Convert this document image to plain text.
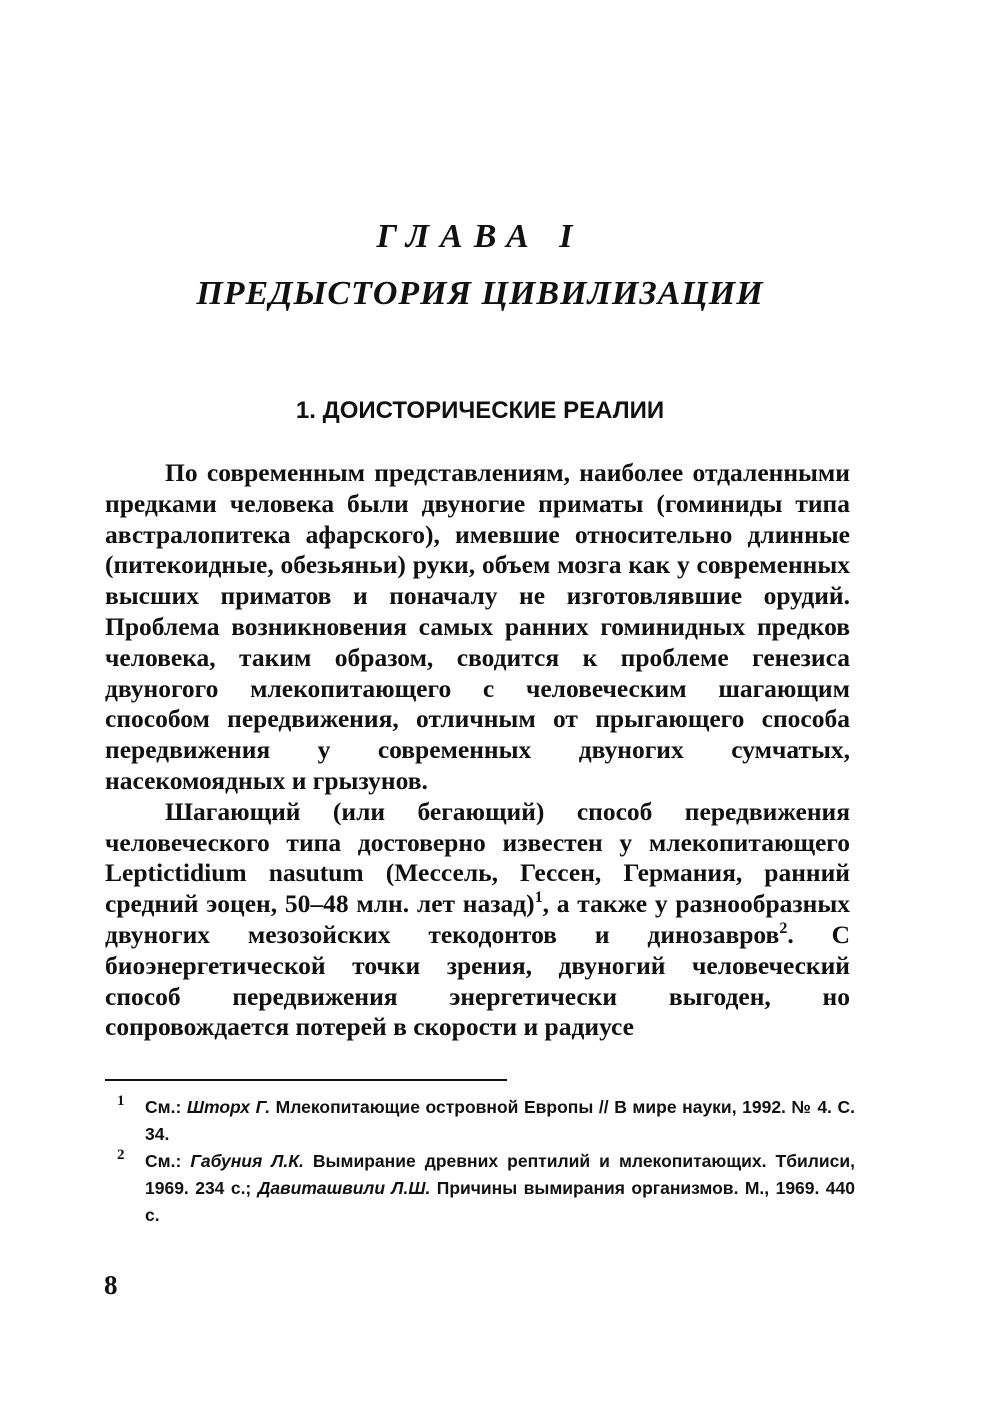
ГЛАВА I
ПРЕДЫСТОРИЯ ЦИВИЛИЗАЦИИ
1. ДОИСТОРИЧЕСКИЕ РЕАЛИИ

По современным представлениям, наиболее отдаленными предками человека были двуногие приматы (гоминиды типа австралопитека афарского), имевшие относительно длинные (питекоидные, обезьяньи) руки, объем мозга как у современных высших приматов и поначалу не изготовлявшие орудий. Проблема возникновения самых ранних гоминидных предков человека, таким образом, сводится к проблеме генезиса двуногого млекопитающего с человеческим шагающим способом передвижения, отличным от прыгающего способа передвижения у современных двуногих сумчатых, насекомоядных и грызунов.

Шагающий (или бегающий) способ передвижения человеческого типа достоверно известен у млекопитающего Leptictidium nasutum (Мессель, Гессен, Германия, ранний средний эоцен, 50–48 млн. лет назад)$^1$, а также у разнообразных двуногих мезозойских текодонтов и динозавров$^2$. С биоэнергетической точки зрения, двуногий человеческий способ передвижения энергетически выгоден, но сопровождается потерей в скорости и радиусе

1 См.: Шторх Г. Млекопитающие островной Европы // В мире науки, 1992. № 4. С. 34.
2 См.: Габуния Л.К. Вымирание древних рептилий и млекопитающих. Тбилиси, 1969. 234 с.; Давиташвили Л.Ш. Причины вымирания организмов. М., 1969. 440 с.
8
